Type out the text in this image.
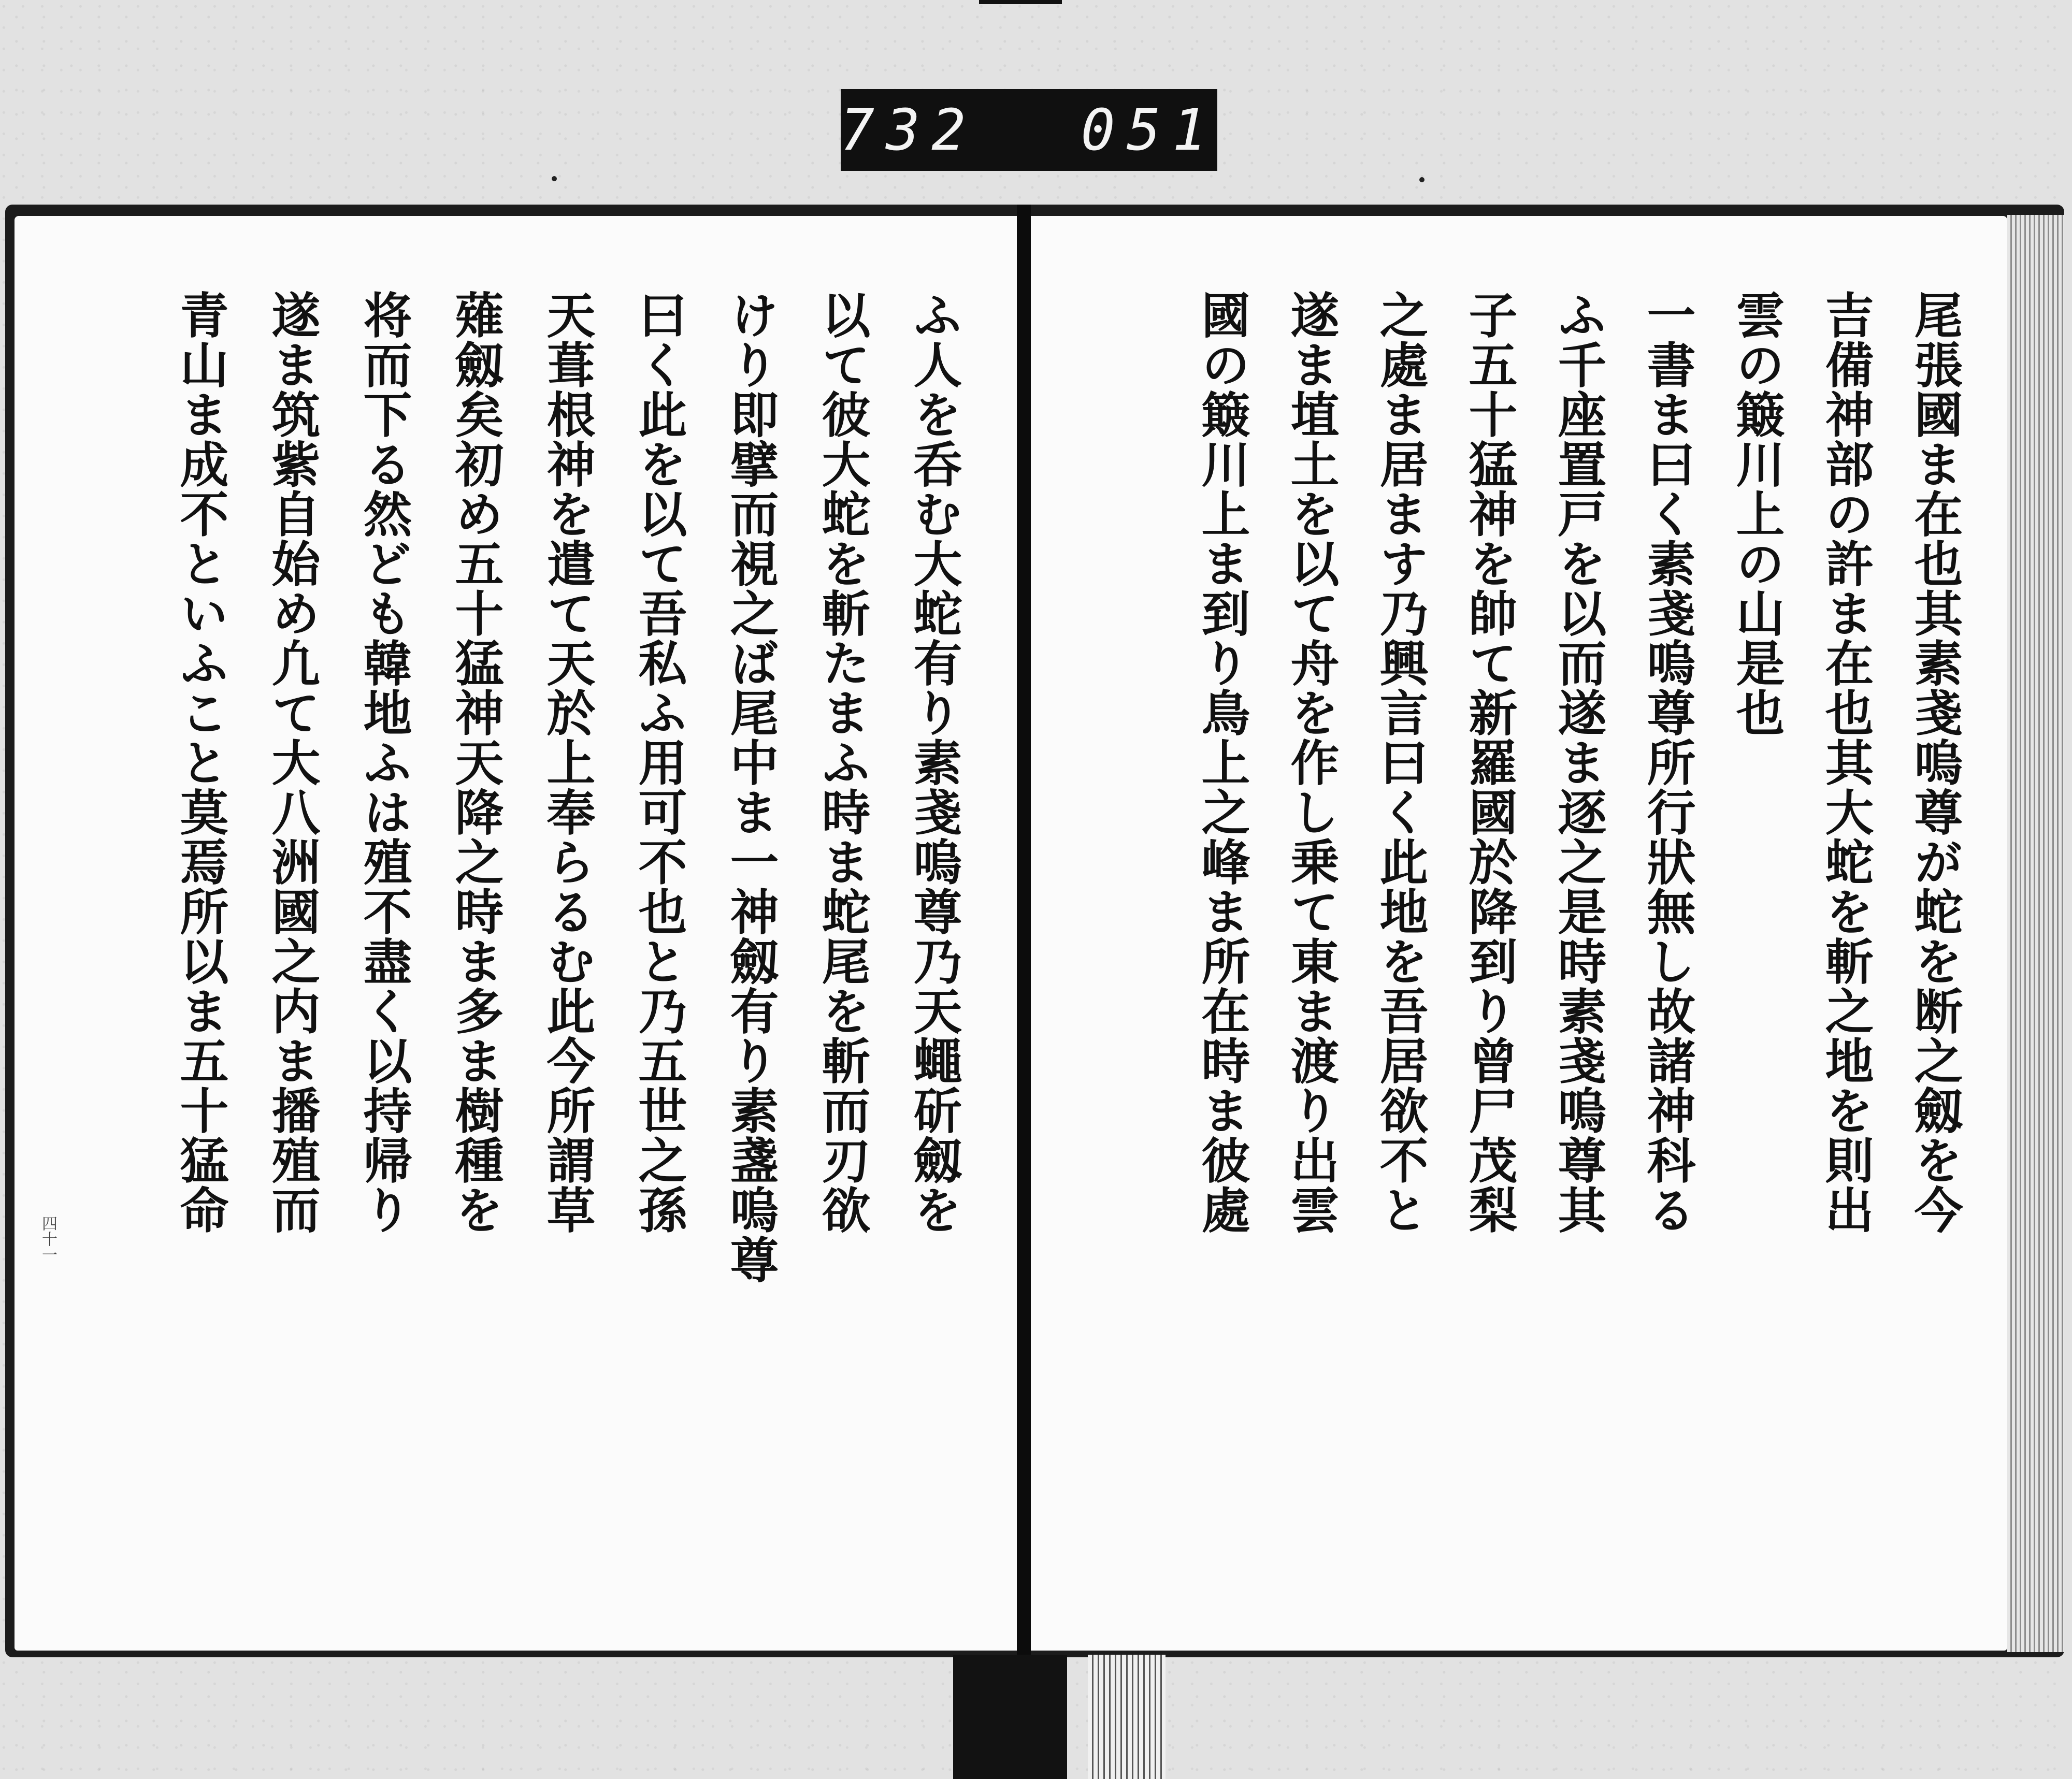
732 051
四十一
ふ人を呑む大蛇有り素戔嗚尊乃天蠅斫劔を
以て彼大蛇を斬たまふ時ま蛇尾を斬而刃欲
けり即擘而視之ば尾中ま一神劔有り素盞嗚尊
曰く此を以て吾私ふ用可不也と乃五世之孫
天葺根神を遣て天於上奉らるむ此今所謂草
薙劔矣初め五十猛神天降之時ま多ま樹種を
将而下る然ども韓地ふは殖不盡く以持帰り
遂ま筑紫自始め凢て大八洲國之内ま播殖而
青山ま成不といふこと莫焉所以ま五十猛命	尾張國ま在也其素戔嗚尊が蛇を断之劔を今
吉備神部の許ま在也其大蛇を斬之地を則出
雲の簸川上の山是也
一書ま曰く素戔嗚尊所行狀無し故諸神科る
ふ千座置戸を以而遂ま逐之是時素戔嗚尊其
子五十猛神を帥て新羅國於降到り曾尸茂梨
之處ま居ます乃興言曰く此地を吾居欲不と
遂ま埴土を以て舟を作し乗て東ま渡り出雲
國の簸川上ま到り鳥上之峰ま所在時ま彼處
